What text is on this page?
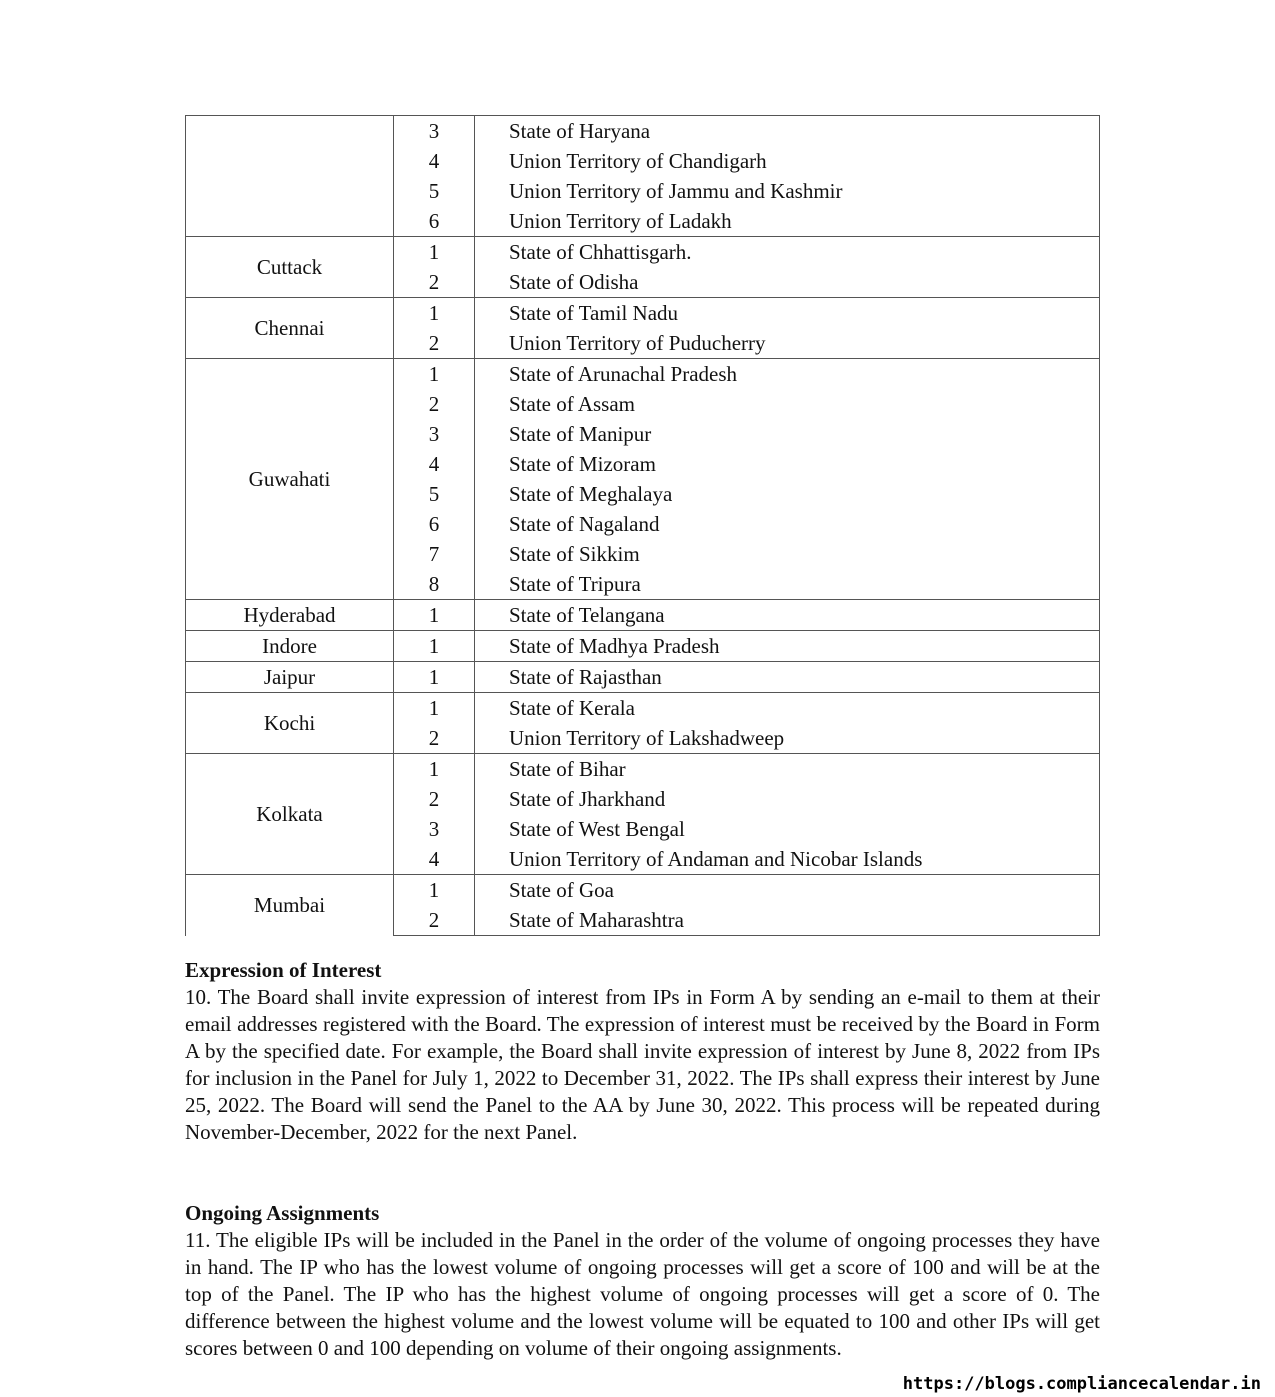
	3	State of Haryana
	4	Union Territory of Chandigarh
	5	Union Territory of Jammu and Kashmir
	6	Union Territory of Ladakh
Cuttack	1	State of Chhattisgarh.
	2	State of Odisha
Chennai	1	State of Tamil Nadu
	2	Union Territory of Puducherry
Guwahati	1	State of Arunachal Pradesh
	2	State of Assam
	3	State of Manipur
	4	State of Mizoram
	5	State of Meghalaya
	6	State of Nagaland
	7	State of Sikkim
	8	State of Tripura
Hyderabad	1	State of Telangana
Indore	1	State of Madhya Pradesh
Jaipur	1	State of Rajasthan
Kochi	1	State of Kerala
	2	Union Territory of Lakshadweep
Kolkata	1	State of Bihar
	2	State of Jharkhand
	3	State of West Bengal
	4	Union Territory of Andaman and Nicobar Islands
Mumbai	1	State of Goa
	2	State of Maharashtra
Expression of Interest

10. The Board shall invite expression of interest from IPs in Form A by sending an e-mail to them at their email addresses registered with the Board. The expression of interest must be received by the Board in Form A by the specified date. For example, the Board shall invite expression of interest by June 8, 2022 from IPs for inclusion in the Panel for July 1, 2022 to December 31, 2022. The IPs shall express their interest by June 25, 2022. The Board will send the Panel to the AA by June 30, 2022. This process will be repeated during November-December, 2022 for the next Panel.

Ongoing Assignments

11. The eligible IPs will be included in the Panel in the order of the volume of ongoing processes they have in hand. The IP who has the lowest volume of ongoing processes will get a score of 100 and will be at the top of the Panel. The IP who has the highest volume of ongoing processes will get a score of 0. The difference between the highest volume and the lowest volume will be equated to 100 and other IPs will get scores between 0 and 100 depending on volume of their ongoing assignments.

https://blogs.compliancecalendar.in
